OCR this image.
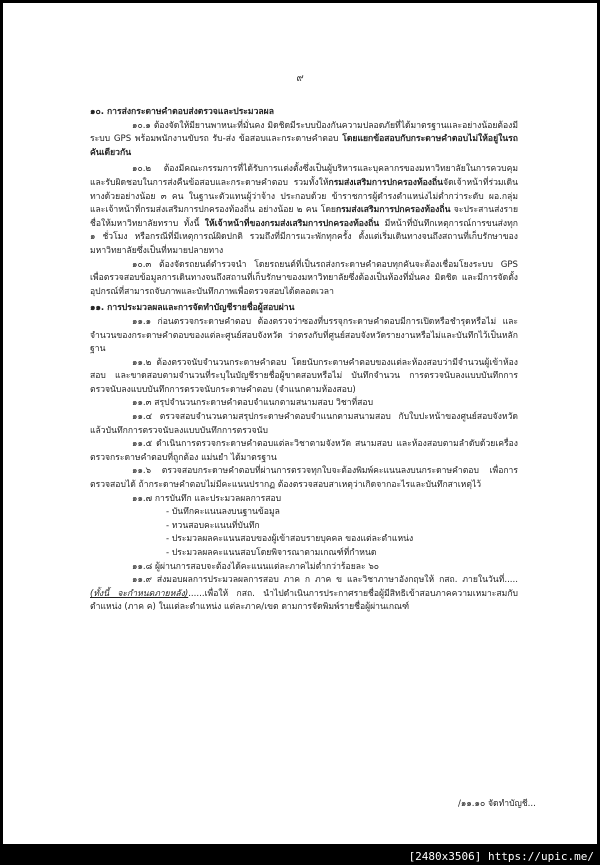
๙

๑๐. การส่งกระดาษคำตอบส่งตรวจและประมวลผล

๑๐.๑ ต้องจัดให้มียานพาหนะที่มั่นคง มิดชิดมีระบบป้องกันความปลอดภัยที่ได้มาตรฐานและอย่างน้อยต้องมีระบบ GPS พร้อมพนักงานขับรถ รับ-ส่ง ข้อสอบและกระดาษคำตอบ โดยแยกข้อสอบกับกระดาษคำตอบไม่ให้อยู่ในรถคันเดียวกัน

๑๐.๒ ต้องมีคณะกรรมการที่ได้รับการแต่งตั้งซึ่งเป็นผู้บริหารและบุคลากรของมหาวิทยาลัยในการควบคุมและรับผิดชอบในการส่งคืนข้อสอบและกระดาษคำตอบ รวมทั้งให้กรมส่งเสริมการปกครองท้องถิ่นจัดเจ้าหน้าที่ร่วมเดินทางด้วยอย่างน้อย ๓ คน ในฐานะตัวแทนผู้ว่าจ้าง ประกอบด้วย ข้าราชการผู้ดำรงตำแหน่งไม่ต่ำกว่าระดับ ผอ.กลุ่ม และเจ้าหน้าที่กรมส่งเสริมการปกครองท้องถิ่น อย่างน้อย ๒ คน โดยกรมส่งเสริมการปกครองท้องถิ่น จะประสานส่งรายชื่อให้มหาวิทยาลัยทราบ ทั้งนี้ ให้เจ้าหน้าที่ของกรมส่งเสริมการปกครองท้องถิ่น มีหน้าที่บันทึกเหตุการณ์การขนส่งทุก ๑ ชั่วโมง หรือกรณีที่มีเหตุการณ์ผิดปกติ รวมถึงที่มีการแวะพักทุกครั้ง ตั้งแต่เริ่มเดินทางจนถึงสถานที่เก็บรักษาของมหาวิทยาลัยซึ่งเป็นที่หมายปลายทาง

๑๐.๓ ต้องจัดรถยนต์ตำรวจนำ โดยรถยนต์ที่เป็นรถส่งกระดาษคำตอบทุกคันจะต้องเชื่อมโยงระบบ GPS เพื่อตรวจสอบข้อมูลการเดินทางจนถึงสถานที่เก็บรักษาของมหาวิทยาลัยซึ่งต้องเป็นห้องที่มั่นคง มิดชิด และมีการจัดตั้งอุปกรณ์ที่สามารถจับภาพและบันทึกภาพเพื่อตรวจสอบได้ตลอดเวลา

๑๑. การประมวลผลและการจัดทำบัญชีรายชื่อผู้สอบผ่าน

๑๑.๑ ก่อนตรวจกระดาษคำตอบ ต้องตรวจว่าซองที่บรรจุกระดาษคำตอบมีการเปิดหรือชำรุดหรือไม่ และจำนวนของกระดาษคำตอบของแต่ละศูนย์สอบจังหวัด ว่าตรงกับที่ศูนย์สอบจังหวัดรายงานหรือไม่และบันทึกไว้เป็นหลักฐาน

๑๑.๒ ต้องตรวจนับจำนวนกระดาษคำตอบ โดยนับกระดาษคำตอบของแต่ละห้องสอบว่ามีจำนวนผู้เข้าห้องสอบ และขาดสอบตามจำนวนที่ระบุในบัญชีรายชื่อผู้ขาดสอบหรือไม่ บันทึกจำนวน การตรวจนับลงแบบบันทึกการตรวจนับลงแบบบันทึกการตรวจนับกระดาษคำตอบ (จำแนกตามห้องสอบ)

๑๑.๓ สรุปจำนวนกระดาษคำตอบจำแนกตามสนามสอบ วิชาที่สอบ

๑๑.๔ ตรวจสอบจำนวนตามสรุปกระดาษคำตอบจำแนกตามสนามสอบ กับใบปะหน้าของศูนย์สอบจังหวัดแล้วบันทึกการตรวจนับลงแบบบันทึกการตรวจนับ

๑๑.๕ ดำเนินการตรวจกระดาษคำตอบแต่ละวิชาตามจังหวัด สนามสอบ และห้องสอบตามลำดับด้วยเครื่องตรวจกระดาษคำตอบที่ถูกต้อง แม่นยำ ได้มาตรฐาน

๑๑.๖ ตรวจสอบกระดาษคำตอบที่ผ่านการตรวจทุกใบจะต้องพิมพ์คะแนนลงบนกระดาษคำตอบ เพื่อการตรวจสอบได้ ถ้ากระดาษคำตอบไม่มีคะแนนปรากฏ ต้องตรวจสอบสาเหตุว่าเกิดจากอะไรและบันทึกสาเหตุไว้

๑๑.๗ การบันทึก และประมวลผลการสอบ

- บันทึกคะแนนลงบนฐานข้อมูล

- ทวนสอบคะแนนที่บันทึก

- ประมวลผลคะแนนสอบของผู้เข้าสอบรายบุคคล ของแต่ละตำแหน่ง

- ประมวลผลคะแนนสอบโดยพิจารณาตามเกณฑ์ที่กำหนด

๑๑.๘ ผู้ผ่านการสอบจะต้องได้คะแนนแต่ละภาคไม่ต่ำกว่าร้อยละ ๖๐

๑๑.๙ ส่งมอบผลการประมวลผลการสอบ ภาค ก ภาค ข และวิชาภาษาอังกฤษให้ กสถ. ภายในวันที่.....(ทั้งนี้ จะกำหนดภายหลัง)......เพื่อให้ กสถ. นำไปดำเนินการประกาศรายชื่อผู้มีสิทธิเข้าสอบภาคความเหมาะสมกับตำแหน่ง (ภาค ค) ในแต่ละตำแหน่ง แต่ละภาค/เขต ตามการจัดพิมพ์รายชื่อผู้ผ่านเกณฑ์

/๑๑.๑๐ จัดทำบัญชี...
[2480x3506] https://upic.me/
